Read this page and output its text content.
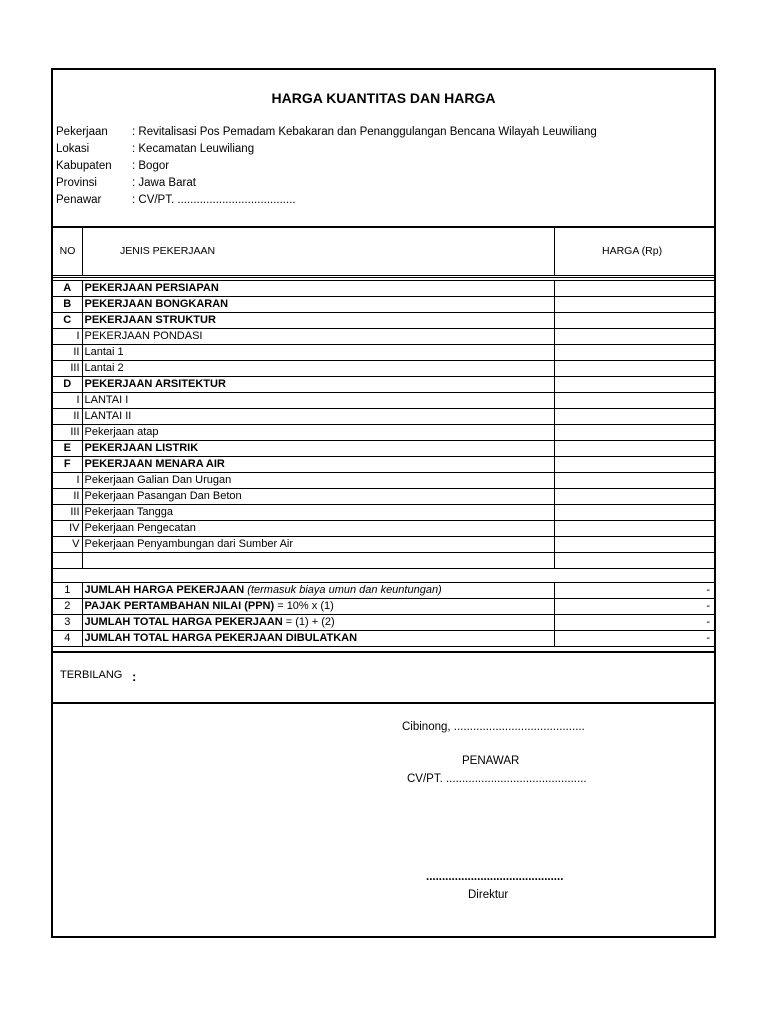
HARGA KUANTITAS DAN HARGA
Pekerjaan	: Revitalisasi Pos Pemadam Kebakaran dan Penanggulangan Bencana Wilayah Leuwiliang
Lokasi	: Kecamatan Leuwiliang
Kabupaten	: Bogor
Provinsi	: Jawa Barat
Penawar	: CV/PT. .....................................
NO	JENIS PEKERJAAN	HARGA (Rp)
A	PEKERJAAN PERSIAPAN	
B	PEKERJAAN BONGKARAN	
C	PEKERJAAN STRUKTUR	
I	PEKERJAAN PONDASI	
II	Lantai 1	
III	Lantai 2	
D	PEKERJAAN ARSITEKTUR	
I	LANTAI I	
II	LANTAI II	
III	Pekerjaan atap	
E	PEKERJAAN LISTRIK	
F	PEKERJAAN MENARA AIR	
I	Pekerjaan Galian Dan Urugan	
II	Pekerjaan Pasangan Dan Beton	
III	Pekerjaan Tangga	
IV	Pekerjaan Pengecatan	
V	Pekerjaan Penyambungan dari Sumber Air	

1	JUMLAH HARGA PEKERJAAN (termasuk biaya umun dan keuntungan)	-
2	PAJAK PERTAMBAHAN NILAI (PPN) = 10% x (1)	-
3	JUMLAH TOTAL HARGA PEKERJAAN = (1) + (2)	-
4	JUMLAH TOTAL HARGA PEKERJAAN DIBULATKAN	-
TERBILANG :
Cibinong, .........................................
PENAWAR
CV/PT. ............................................
...........................................
Direktur
